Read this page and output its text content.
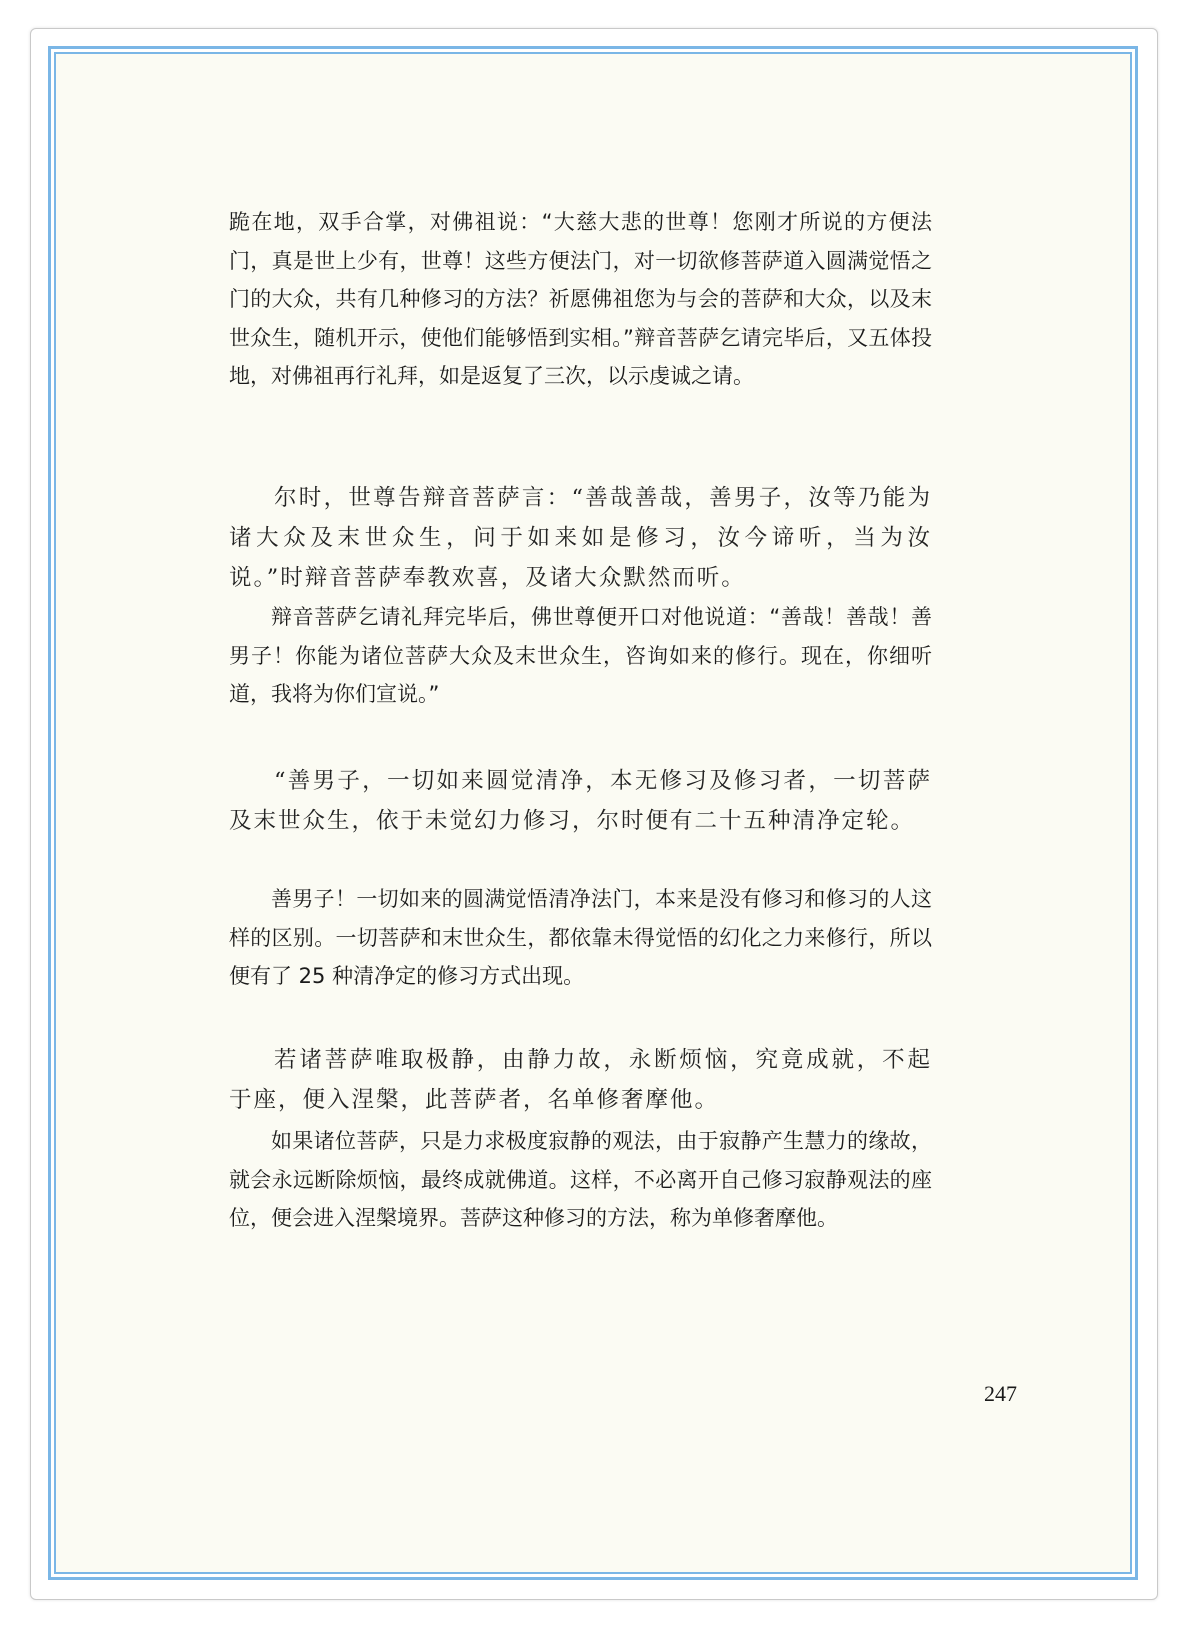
跪在地，双手合掌，对佛祖说：“大慈大悲的世尊！您刚才所说的方便法门，真是世上少有，世尊！这些方便法门，对一切欲修菩萨道入圆满觉悟之门的大众，共有几种修习的方法？祈愿佛祖您为与会的菩萨和大众，以及末世众生，随机开示，使他们能够悟到实相。”辩音菩萨乞请完毕后，又五体投地，对佛祖再行礼拜，如是返复了三次，以示虔诚之请。

尔时，世尊告辩音菩萨言：“善哉善哉，善男子，汝等乃能为诸大众及末世众生，问于如来如是修习，汝今谛听，当为汝说。”时辩音菩萨奉教欢喜，及诸大众默然而听。

辩音菩萨乞请礼拜完毕后，佛世尊便开口对他说道：“善哉！善哉！善男子！你能为诸位菩萨大众及末世众生，咨询如来的修行。现在，你细听道，我将为你们宣说。”

“善男子，一切如来圆觉清净，本无修习及修习者，一切菩萨及末世众生，依于未觉幻力修习，尔时便有二十五种清净定轮。

善男子！一切如来的圆满觉悟清净法门，本来是没有修习和修习的人这样的区别。一切菩萨和末世众生，都依靠未得觉悟的幻化之力来修行，所以便有了 25 种清净定的修习方式出现。

若诸菩萨唯取极静，由静力故，永断烦恼，究竟成就，不起于座，便入涅槃，此菩萨者，名单修奢摩他。

如果诸位菩萨，只是力求极度寂静的观法，由于寂静产生慧力的缘故，就会永远断除烦恼，最终成就佛道。这样，不必离开自己修习寂静观法的座位，便会进入涅槃境界。菩萨这种修习的方法，称为单修奢摩他。

247
